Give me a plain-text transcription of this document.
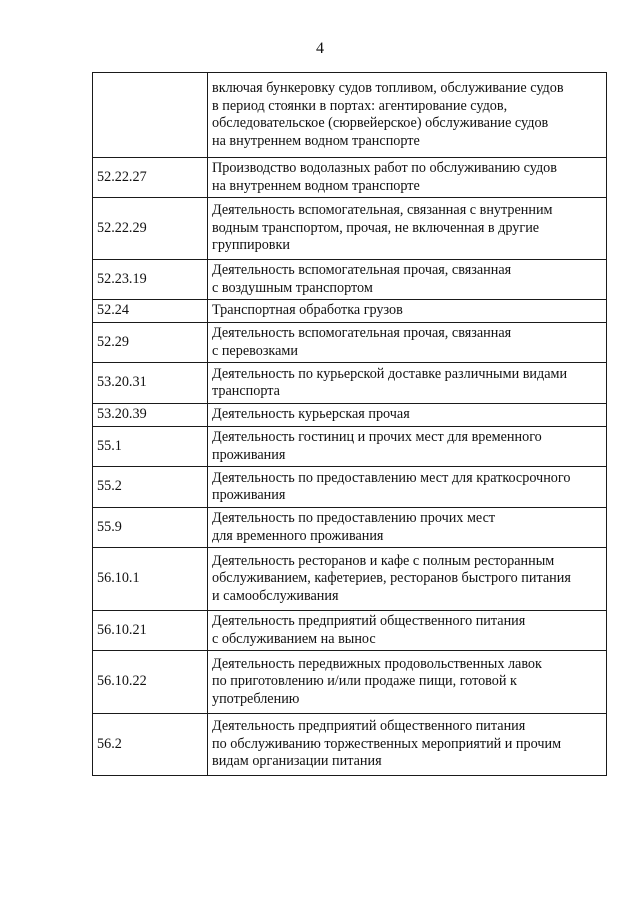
4

	включая бункеровку судов топливом, обслуживание судов
в период стоянки в портах: агентирование судов,
обследовательское (сюрвейерское) обслуживание судов
на внутреннем водном транспорте

52.22.27	Производство водолазных работ по обслуживанию судов
на внутреннем водном транспорте

52.22.29	Деятельность вспомогательная, связанная с внутренним
водным транспортом, прочая, не включенная в другие
группировки

52.23.19	Деятельность вспомогательная прочая, связанная
с воздушным транспортом

52.24	Транспортная обработка грузов

52.29	Деятельность вспомогательная прочая, связанная
с перевозками

53.20.31	Деятельность по курьерской доставке различными видами
транспорта

53.20.39	Деятельность курьерская прочая

55.1	Деятельность гостиниц и прочих мест для временного
проживания

55.2	Деятельность по предоставлению мест для краткосрочного
проживания

55.9	Деятельность по предоставлению прочих мест
для временного проживания

56.10.1	Деятельность ресторанов и кафе с полным ресторанным
обслуживанием, кафетериев, ресторанов быстрого питания
и самообслуживания

56.10.21	Деятельность предприятий общественного питания
с обслуживанием на вынос

56.10.22	Деятельность передвижных продовольственных лавок
по приготовлению и/или продаже пищи, готовой к
употреблению

56.2	Деятельность предприятий общественного питания
по обслуживанию торжественных мероприятий и прочим
видам организации питания
